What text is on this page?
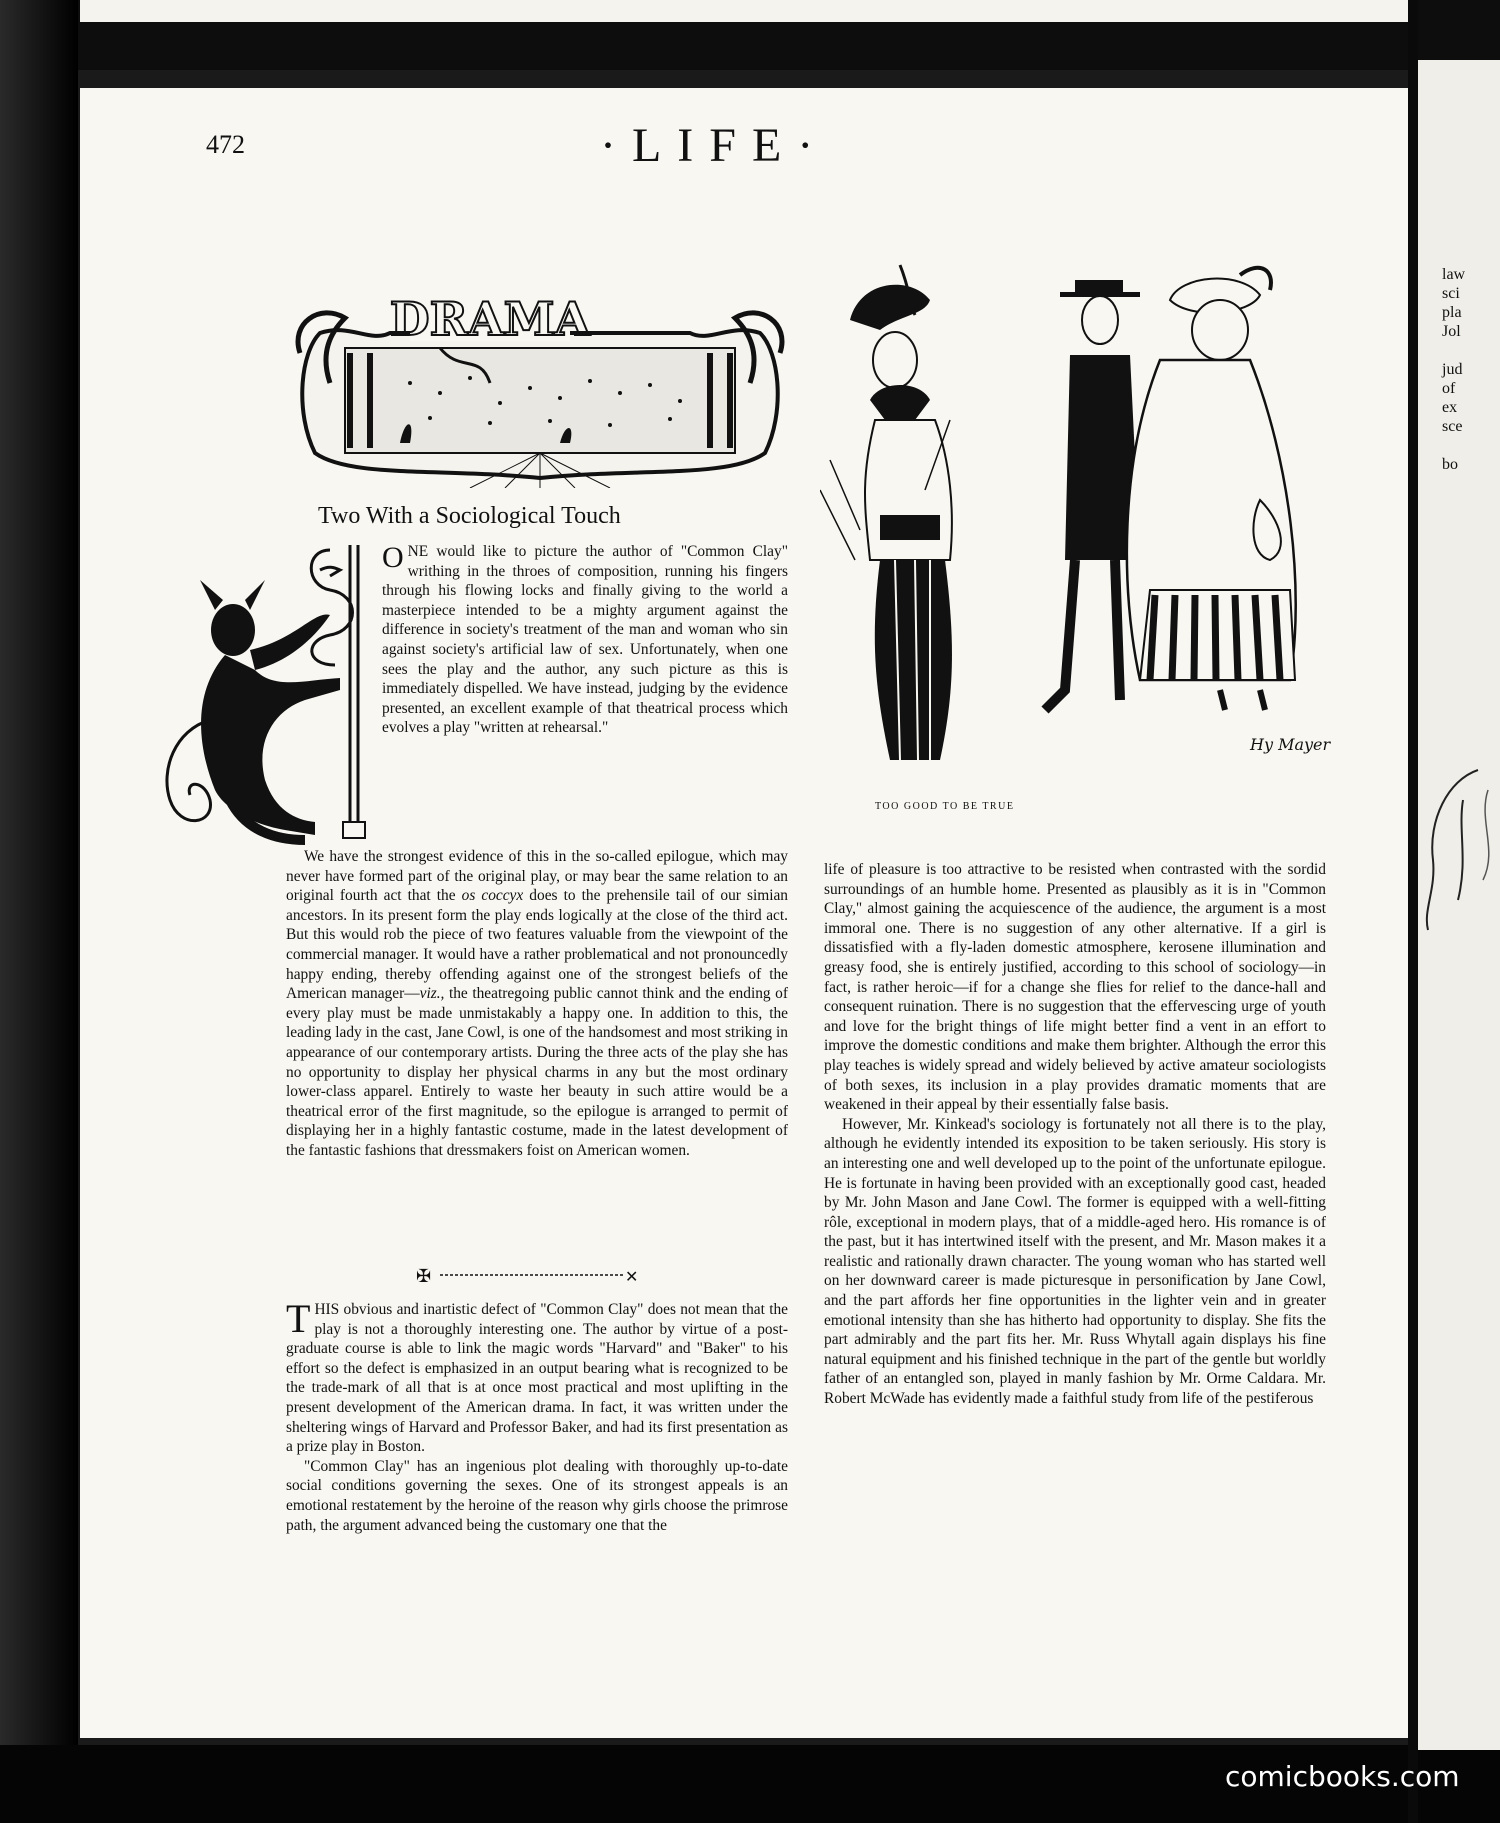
law
sci
pla
Jol
jud
of
ex
sce
bo
472	·LIFE·
DRAMA
Two With a Sociological Touch

ONE would like to picture the author of "Common Clay" writhing in the throes of composition, running his fingers through his flowing locks and finally giving to the world a masterpiece intended to be a mighty argument against the difference in society's treatment of the man and woman who sin against society's artificial law of sex. Unfortunately, when one sees the play and the author, any such picture as this is immediately dispelled. We have instead, judging by the evidence presented, an excellent example of that theatrical process which evolves a play "written at rehearsal."

We have the strongest evidence of this in the so-called epilogue, which may never have formed part of the original play, or may bear the same relation to an original fourth act that the os coccyx does to the prehensile tail of our simian ancestors. In its present form the play ends logically at the close of the third act. But this would rob the piece of two features valuable from the viewpoint of the commercial manager. It would have a rather problematical and not pronouncedly happy ending, thereby offending against one of the strongest beliefs of the American manager—viz., the theatregoing public cannot think and the ending of every play must be made unmistakably a happy one. In addition to this, the leading lady in the cast, Jane Cowl, is one of the handsomest and most striking in appearance of our contemporary artists. During the three acts of the play she has no opportunity to display her physical charms in any but the most ordinary lower-class apparel. Entirely to waste her beauty in such attire would be a theatrical error of the first magnitude, so the epilogue is arranged to permit of displaying her in a highly fantastic costume, made in the latest development of the fantastic fashions that dressmakers foist on American women.

✠	✕

THIS obvious and inartistic defect of "Common Clay" does not mean that the play is not a thoroughly interesting one. The author by virtue of a post-graduate course is able to link the magic words "Harvard" and "Baker" to his effort so the defect is emphasized in an output bearing what is recognized to be the trade-mark of all that is at once most practical and most uplifting in the present development of the American drama. In fact, it was written under the sheltering wings of Harvard and Professor Baker, and had its first presentation as a prize play in Boston.

"Common Clay" has an ingenious plot dealing with thoroughly up-to-date social conditions governing the sexes. One of its strongest appeals is an emotional restatement by the heroine of the reason why girls choose the primrose path, the argument advanced being the customary one that the

Hy Mayer
TOO GOOD TO BE TRUE

life of pleasure is too attractive to be resisted when contrasted with the sordid surroundings of an humble home. Presented as plausibly as it is in "Common Clay," almost gaining the acquiescence of the audience, the argument is a most immoral one. There is no suggestion of any other alternative. If a girl is dissatisfied with a fly-laden domestic atmosphere, kerosene illumination and greasy food, she is entirely justified, according to this school of sociology—in fact, is rather heroic—if for a change she flies for relief to the dance-hall and consequent ruination. There is no suggestion that the effervescing urge of youth and love for the bright things of life might better find a vent in an effort to improve the domestic conditions and make them brighter. Although the error this play teaches is widely spread and widely believed by active amateur sociologists of both sexes, its inclusion in a play provides dramatic moments that are weakened in their appeal by their essentially false basis.

However, Mr. Kinkead's sociology is fortunately not all there is to the play, although he evidently intended its exposition to be taken seriously. His story is an interesting one and well developed up to the point of the unfortunate epilogue. He is fortunate in having been provided with an exceptionally good cast, headed by Mr. John Mason and Jane Cowl. The former is equipped with a well-fitting rôle, exceptional in modern plays, that of a middle-aged hero. His romance is of the past, but it has intertwined itself with the present, and Mr. Mason makes it a realistic and rationally drawn character. The young woman who has started well on her downward career is made picturesque in personification by Jane Cowl, and the part affords her fine opportunities in the lighter vein and in greater emotional intensity than she has hitherto had opportunity to display. She fits the part admirably and the part fits her. Mr. Russ Whytall again displays his fine natural equipment and his finished technique in the part of the gentle but worldly father of an entangled son, played in manly fashion by Mr. Orme Caldara. Mr. Robert McWade has evidently made a faithful study from life of the pestiferous

comicbooks.com
